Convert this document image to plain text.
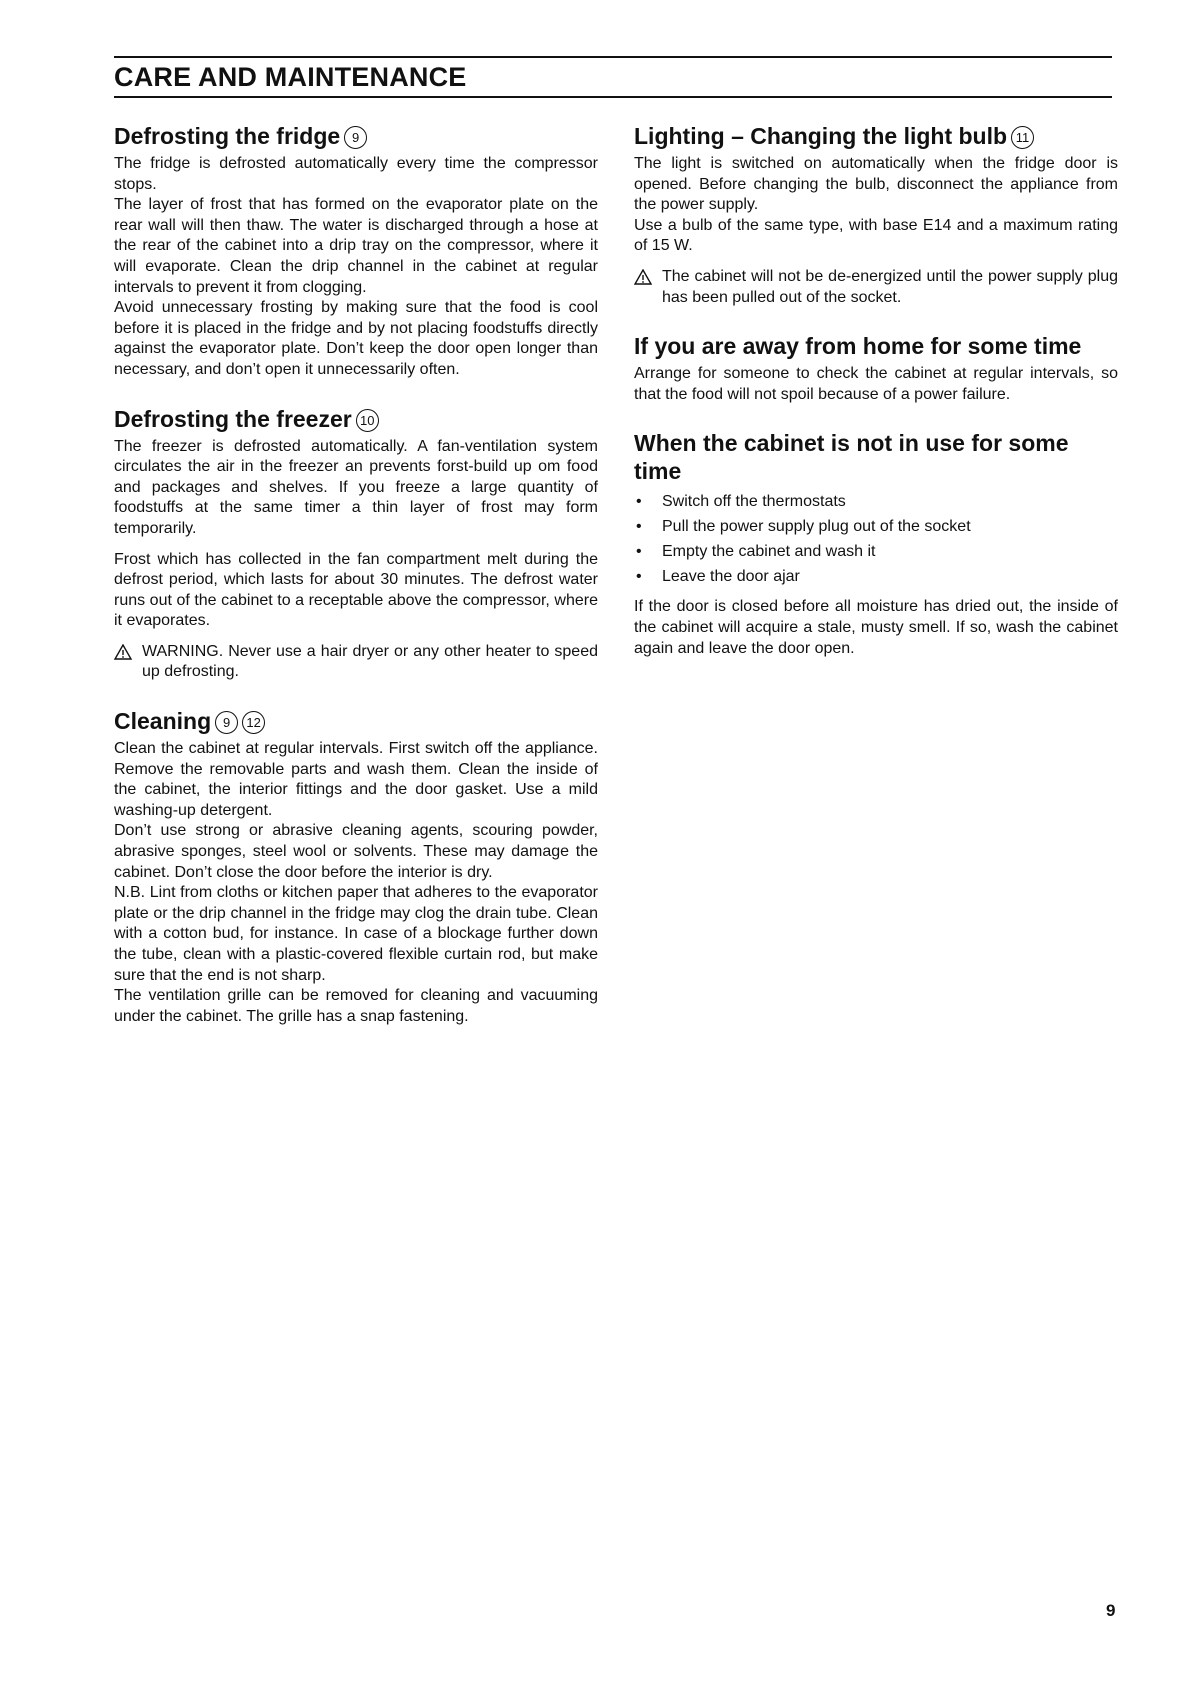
CARE AND MAINTENANCE
Defrosting the fridge 9

The fridge is defrosted automatically every time the compressor stops.

The layer of frost that has formed on the evaporator plate on the rear wall will then thaw. The water is discharged through a hose at the rear of the cabinet into a drip tray on the compressor, where it will evaporate. Clean the drip channel in the cabinet at regular intervals to prevent it from clogging.

Avoid unnecessary frosting by making sure that the food is cool before it is placed in the fridge and by not placing foodstuffs directly against the evaporator plate. Don’t keep the door open longer than necessary, and don’t open it unnecessarily often.

Defrosting the freezer 10

The freezer is defrosted automatically. A fan-ventilation system circulates the air in the freezer an prevents forst-build up om food and packages and shelves. If you freeze a large quantity of foodstuffs at the same timer a thin layer of frost may form temporarily.

Frost which has collected in the fan compartment melt during the defrost period, which lasts for about 30 minutes. The defrost water runs out of the cabinet to a receptable above the compressor, where it evaporates.

WARNING. Never use a hair dryer or any other heater to speed up defrosting.
Cleaning 9 12

Clean the cabinet at regular intervals. First switch off the appliance. Remove the removable parts and wash them. Clean the inside of the cabinet, the interior fittings and the door gasket. Use a mild washing-up detergent.

Don’t use strong or abrasive cleaning agents, scouring powder, abrasive sponges, steel wool or solvents. These may damage the cabinet. Don’t close the door before the interior is dry.

N.B. Lint from cloths or kitchen paper that adheres to the evaporator plate or the drip channel in the fridge may clog the drain tube. Clean with a cotton bud, for instance. In case of a blockage further down the tube, clean with a plastic-covered flexible curtain rod, but make sure that the end is not sharp.

The ventilation grille can be removed for cleaning and vacuuming under the cabinet. The grille has a snap fastening.

Lighting – Changing the light bulb 11

The light is switched on automatically when the fridge door is opened. Before changing the bulb, disconnect the appliance from the power supply.

Use a bulb of the same type, with base E14 and a maximum rating of 15 W.

The cabinet will not be de-energized until the power supply plug has been pulled out of the socket.
If you are away from home for some time

Arrange for someone to check the cabinet at regular intervals, so that the food will not spoil because of a power failure.

When the cabinet is not in use for some time
• Switch off the thermostats
• Pull the power supply plug out of the socket
• Empty the cabinet and wash it
• Leave the door ajar

If the door is closed before all moisture has dried out, the inside of the cabinet will acquire a stale, musty smell. If so, wash the cabinet again and leave the door open.

9
